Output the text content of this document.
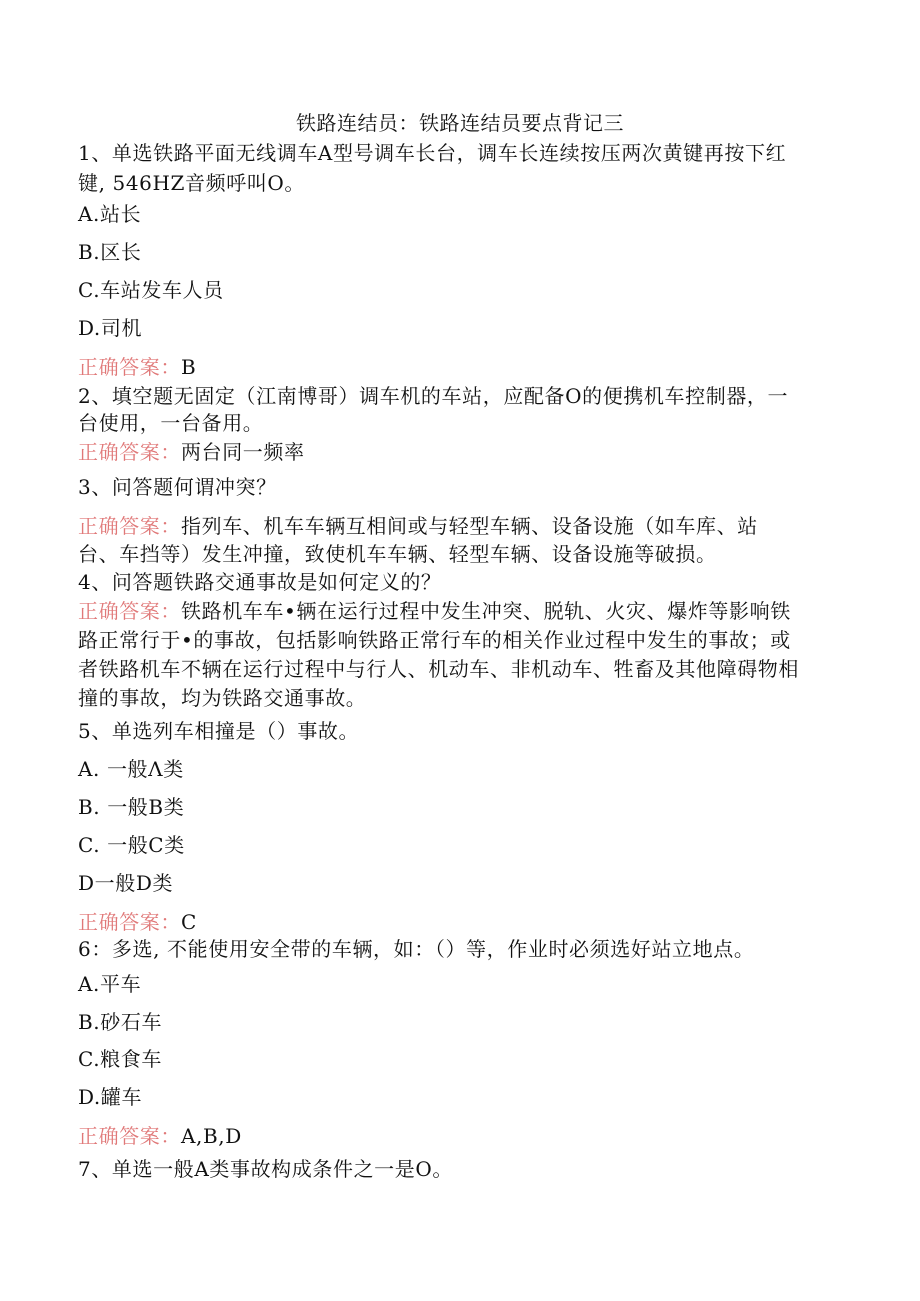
铁路连结员：铁路连结员要点背记三
1、单选铁路平面无线调车A型号调车长台，调车长连续按压两次黄键再按下红
键, 546HZ音频呼叫O。
A.站长
B.区长
C.车站发车人员
D.司机
正确答案：B
2、填空题无固定（江南博哥）调车机的车站，应配备O的便携机车控制器，一
台使用，一台备用。
正确答案：两台同一频率
3、问答题何谓冲突？
正确答案：指列车、机车车辆互相间或与轻型车辆、设备设施（如车库、站
台、车挡等）发生冲撞，致使机车车辆、轻型车辆、设备设施等破损。
4、问答题铁路交通事故是如何定义的？
正确答案：铁路机车车•辆在运行过程中发生冲突、脱轨、火灾、爆炸等影响铁
路正常行于•的事故，包括影响铁路正常行车的相关作业过程中发生的事故；或
者铁路机车不辆在运行过程中与行人、机动车、非机动车、牲畜及其他障碍物相
撞的事故，均为铁路交通事故。
5、单选列车相撞是（）事故。
A. 一般Λ类
B. 一般B类
C. 一般C类
D一般D类
正确答案：C
6：多选, 不能使用安全带的车辆，如：（）等，作业时必须选好站立地点。
A.平车
B.砂石车
C.粮食车
D.罐车
正确答案：A,B,D
7、单选一般A类事故构成条件之一是O。
